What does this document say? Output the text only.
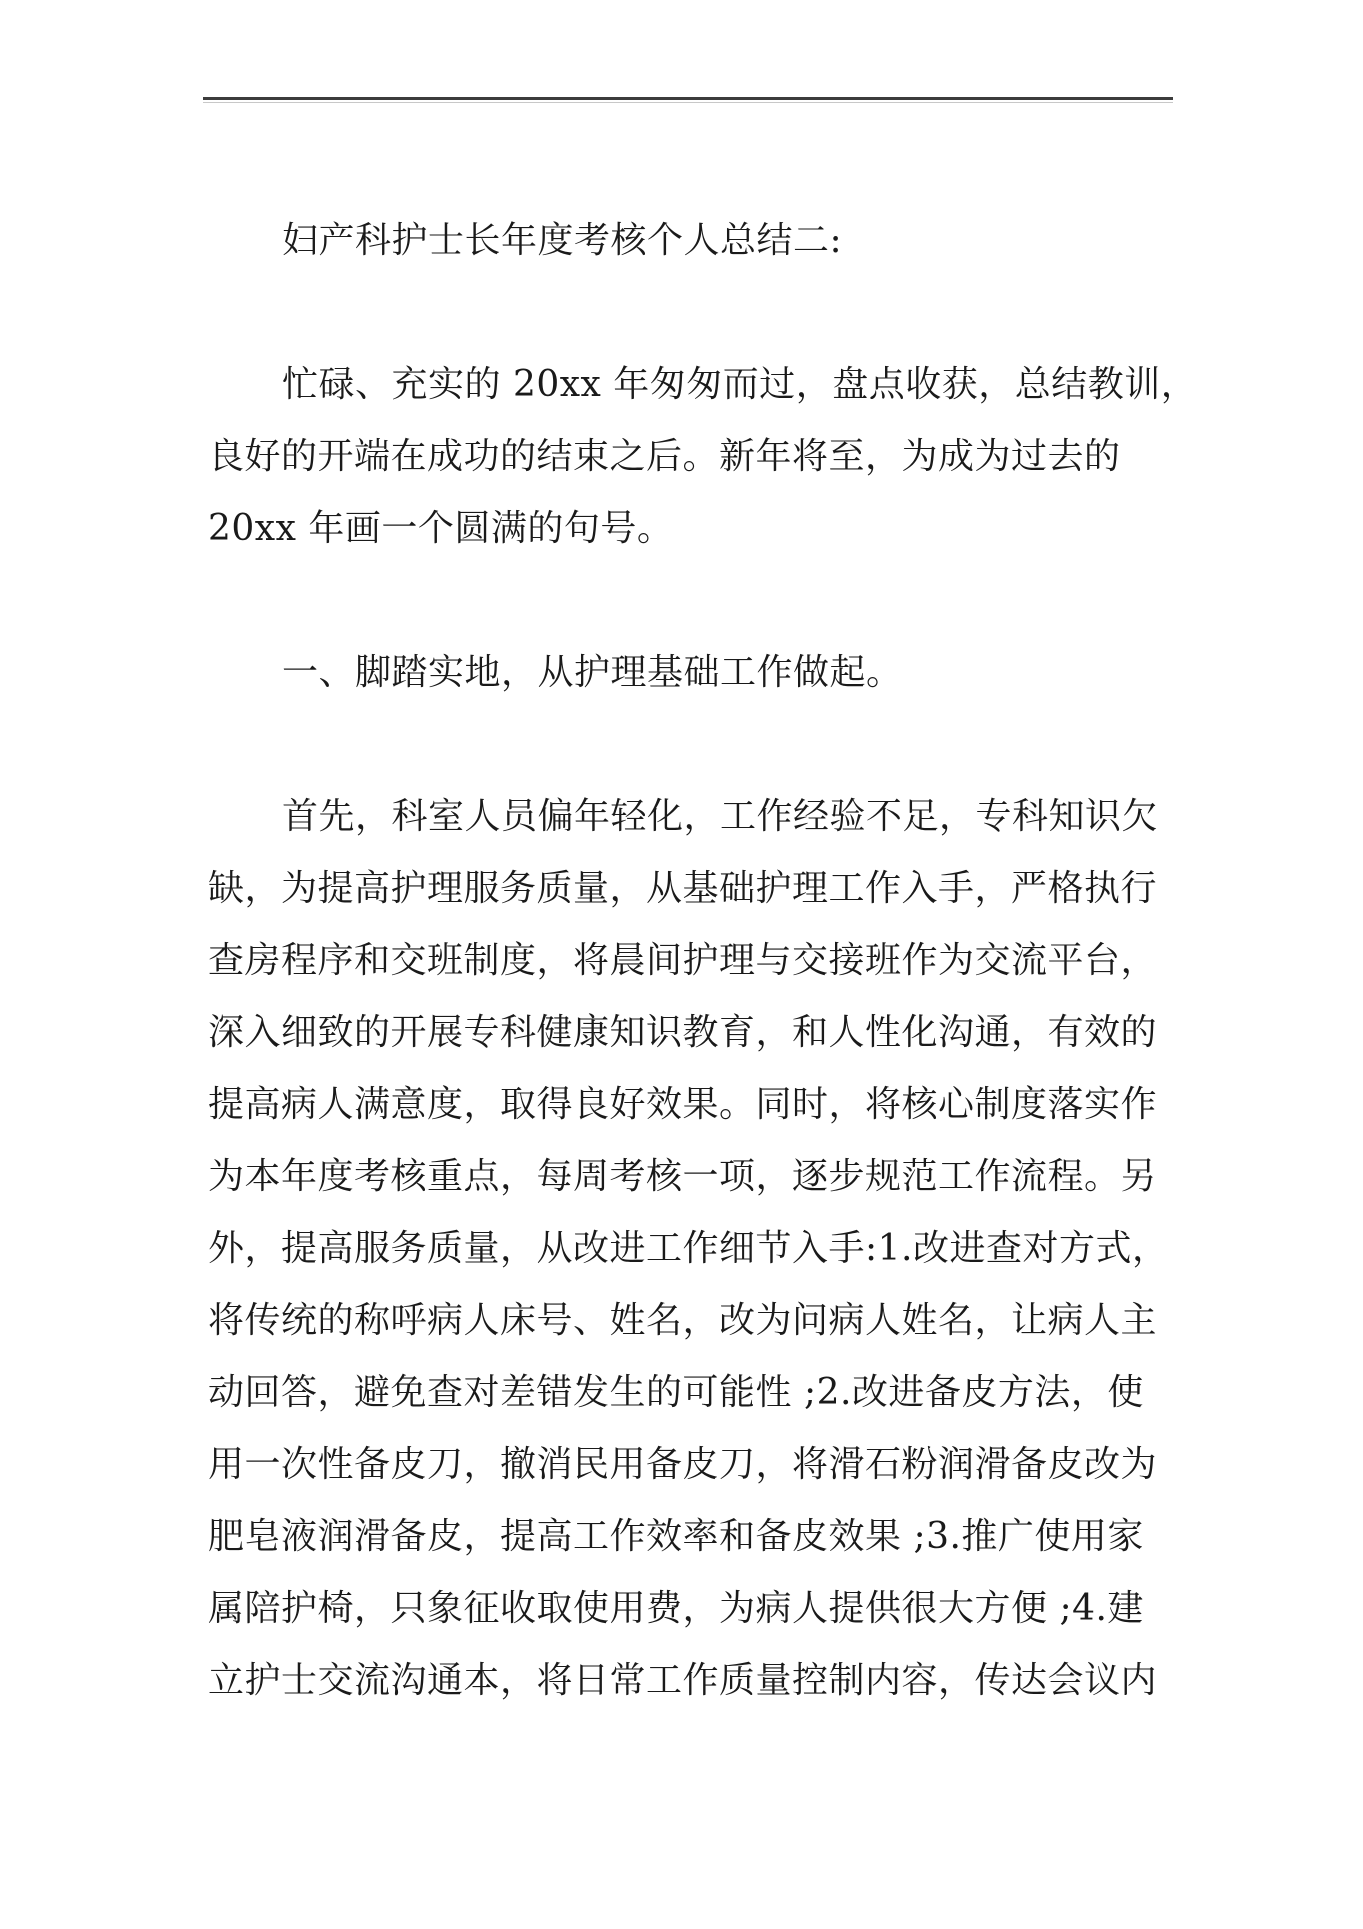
妇产科护士长年度考核个人总结二:
忙碌、充实的 20xx 年匆匆而过，盘点收获，总结教训，
良好的开端在成功的结束之后。新年将至，为成为过去的
20xx 年画一个圆满的句号。
一、脚踏实地，从护理基础工作做起。
首先，科室人员偏年轻化，工作经验不足，专科知识欠
缺，为提高护理服务质量，从基础护理工作入手，严格执行
查房程序和交班制度，将晨间护理与交接班作为交流平台，
深入细致的开展专科健康知识教育，和人性化沟通，有效的
提高病人满意度，取得良好效果。同时，将核心制度落实作
为本年度考核重点，每周考核一项，逐步规范工作流程。另
外，提高服务质量，从改进工作细节入手:1.改进查对方式，
将传统的称呼病人床号、姓名，改为问病人姓名，让病人主
动回答，避免查对差错发生的可能性 ;2.改进备皮方法，使
用一次性备皮刀，撤消民用备皮刀，将滑石粉润滑备皮改为
肥皂液润滑备皮，提高工作效率和备皮效果 ;3.推广使用家
属陪护椅，只象征收取使用费，为病人提供很大方便 ;4.建
立护士交流沟通本，将日常工作质量控制内容，传达会议内
